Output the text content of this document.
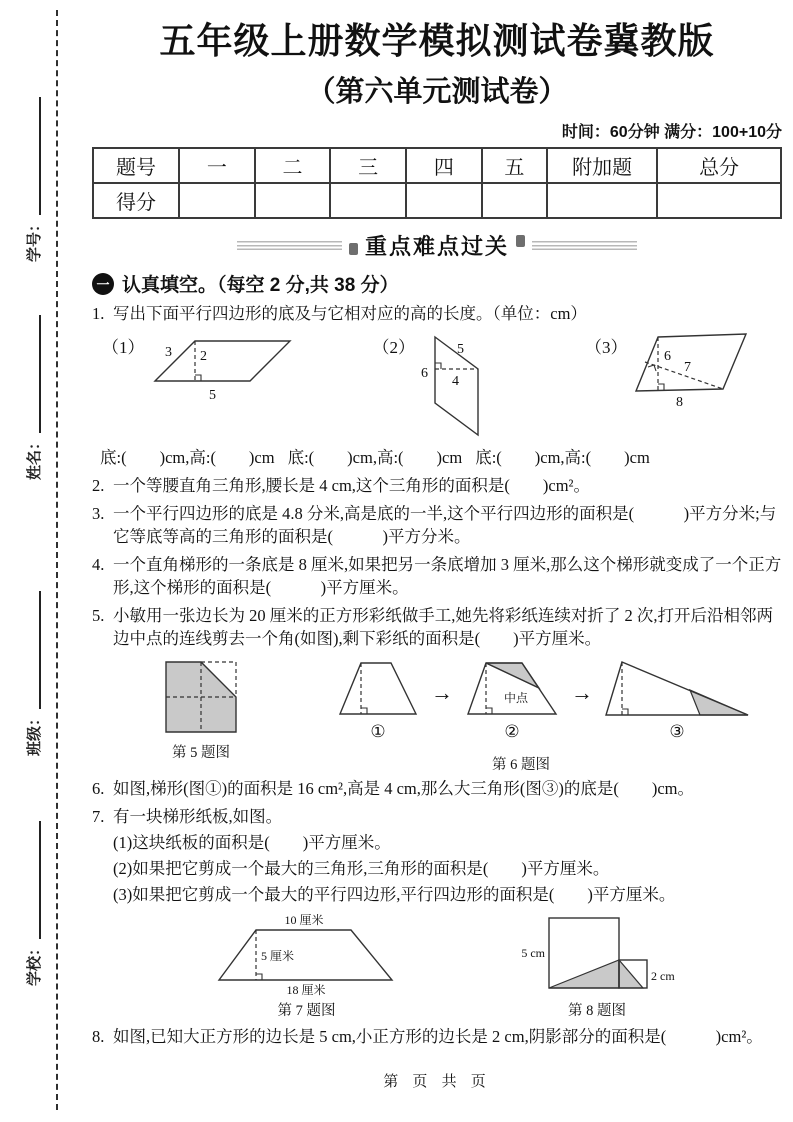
学号：
姓名：
班级：
学校：
五年级上册数学模拟测试卷冀教版
（第六单元测试卷）
时间：60分钟 满分：100+10分
题号	一	二	三	四	五	附加题	总分
得分							
重点难点过关
一 认真填空。（每空 2 分,共 38 分）
1. 写出下面平行四边形的底及与它相对应的高的长度。（单位：cm）
（1） 3 2
5
（2）	5
6
4
（3）	6
7
8
底:(　　)cm,高:(　　)cm 底:(　　)cm,高:(　　)cm 底:(　　)cm,高:(　　)cm
2. 一个等腰直角三角形,腰长是 4 cm,这个三角形的面积是(　　)cm²。
3. 一个平行四边形的底是 4.8 分米,高是底的一半,这个平行四边形的面积是(　　　)平方分米;与它等底等高的三角形的面积是(　　　)平方分米。
4. 一个直角梯形的一条底是 8 厘米,如果把另一条底增加 3 厘米,那么这个梯形就变成了一个正方形,这个梯形的面积是(　　　)平方厘米。
5. 小敏用一张边长为 20 厘米的正方形彩纸做手工,她先将彩纸连续对折了 2 次,打开后沿相邻两边中点的连线剪去一个角(如图),剩下彩纸的面积是(　　)平方厘米。
第 5 题图
①
→	中点
②
→
③
第 6 题图
6. 如图,梯形(图①)的面积是 16 cm²,高是 4 cm,那么大三角形(图③)的底是(　　)cm。
7. 有一块梯形纸板,如图。
(1)这块纸板的面积是(　　)平方厘米。
(2)如果把它剪成一个最大的三角形,三角形的面积是(　　)平方厘米。
(3)如果把它剪成一个最大的平行四边形,平行四边形的面积是(　　)平方厘米。
10 厘米
5 厘米
18 厘米
第 7 题图
5 cm
2 cm
第 8 题图
8. 如图,已知大正方形的边长是 5 cm,小正方形的边长是 2 cm,阴影部分的面积是(　　　)cm²。
第 页 共 页
